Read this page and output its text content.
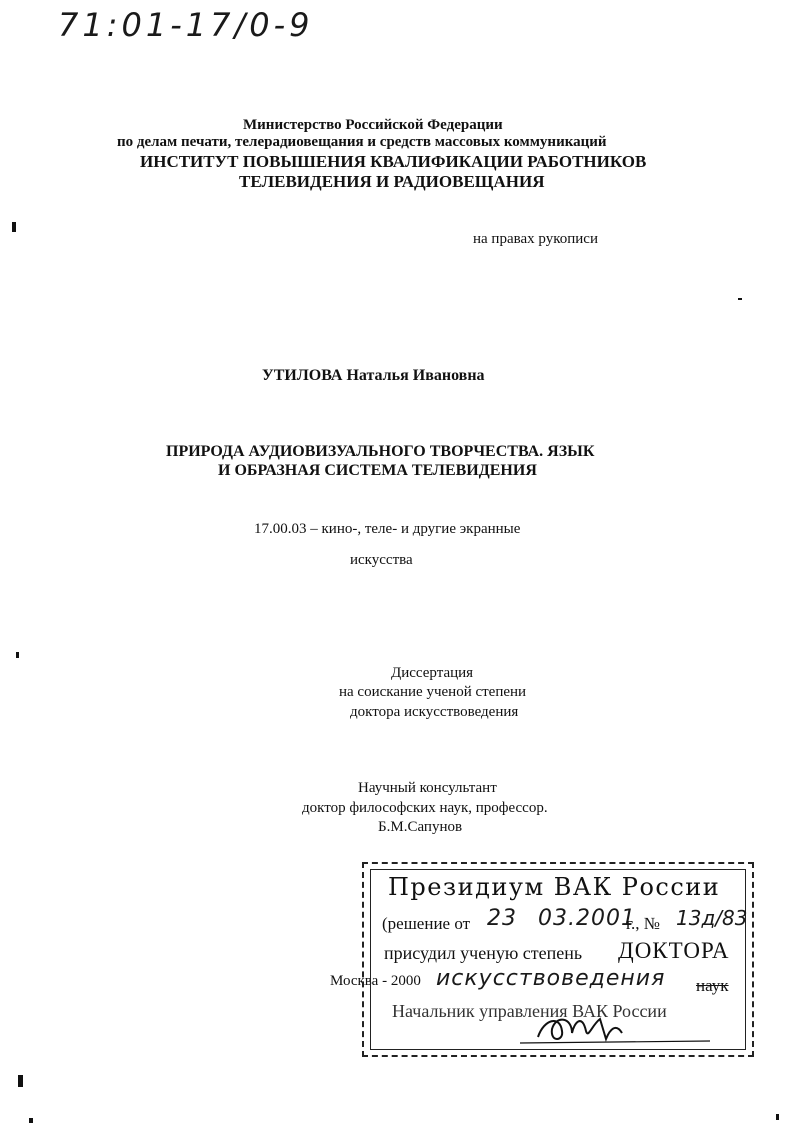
71:01-17/0-9
Министерство Российской Федерации
по делам печати, телерадиовещания и средств массовых коммуникаций
ИНСТИТУТ ПОВЫШЕНИЯ КВАЛИФИКАЦИИ РАБОТНИКОВ
ТЕЛЕВИДЕНИЯ И РАДИОВЕЩАНИЯ
на правах рукописи
УТИЛОВА Наталья Ивановна
ПРИРОДА АУДИОВИЗУАЛЬНОГО ТВОРЧЕСТВА. ЯЗЫК
И ОБРАЗНАЯ СИСТЕМА ТЕЛЕВИДЕНИЯ
17.00.03 – кино-, теле- и другие экранные
искусства
Диссертация
на соискание ученой степени
доктора искусствоведения
Научный консультант
доктор философских наук, профессор.
Б.М.Сапунов
Москва - 2000
Президиум ВАК России
(решение от 23 03.2001
г., № 13д/83
присудил ученую степень ДОКТОРА
искусствоведения наук
Начальник управления ВАК России
